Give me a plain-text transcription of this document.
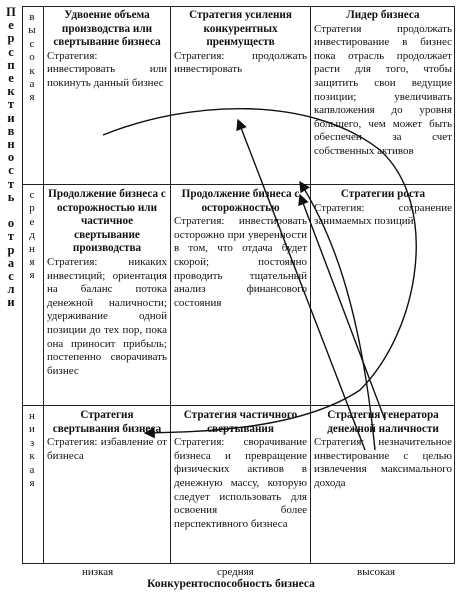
П
е
р
с
п
е
к
т
и
в
н
о
с
т
ь

о
т
р
а
с
л
и
в
ы
с
о
к
а
я
с
р
е
д
н
я
я
н
и
з
к
а
я
Удвоение объема производства или свертывание бизнеса
Стратегия: инвестировать или покинуть данный бизнес
Стратегия усиления конкурентных преимуществ
Стратегия: продолжать инвестировать
Лидер бизнеса
Стратегия продолжать инвестирование в бизнес пока отрасль продолжает расти для того, чтобы защитить свои ведущие позиции; увеличивать капвложения до уровня большего, чем может быть обеспечен за счет собственных активов
Продолжение бизнеса с осторожностью или частичное свертывание производства
Стратегия: никаких инвестиций; ориентация на баланс потока денежной наличности; удерживание одной позиции до тех пор, пока она приносит прибыль; постепенно сворачивать бизнес
Продолжение бизнеса с осторожностью
Стратегия: инвестировать осторожно при уверенности в том, что отдача будет скорой; постоянно проводить тщательный анализ финансового состояния
Стратегии роста
Стратегия: сохранение занимаемых позиций
Стратегия свертывания бизнеса
Стратегия: избавление от бизнеса
Стратегия частичного свертывания
Стратегия: сворачивание бизнеса и превращение физических активов в денежную массу, которую следует использовать для освоения более перспективного бизнеса
Стратегия генератора денежной наличности
Стратегия: незначительное инвестирование с целью извлечения максимального дохода
низкая	средняя	высокая
Конкурентоспособность бизнеса
